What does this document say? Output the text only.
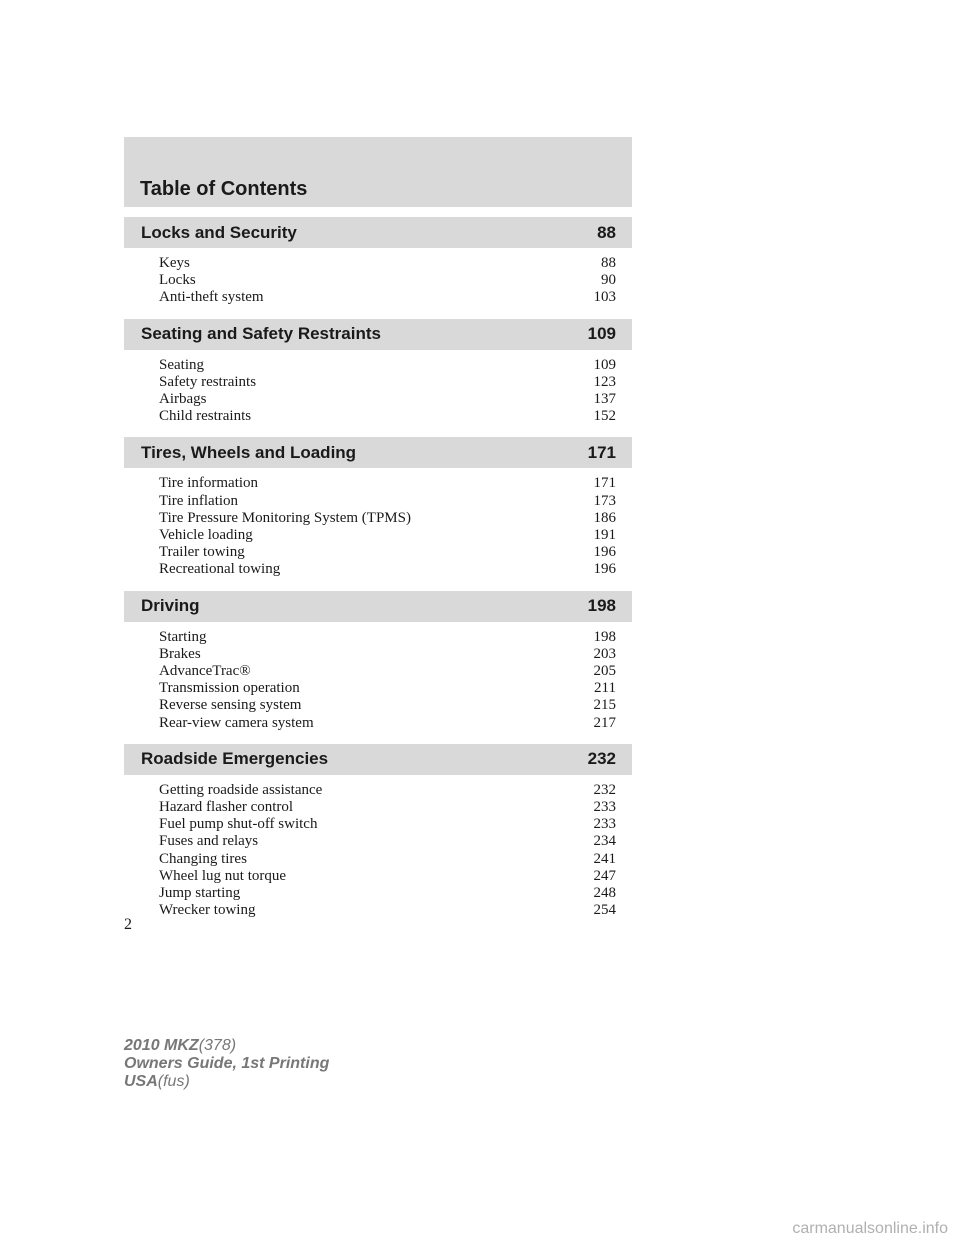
Table of Contents
Locks and Security	88
Keys	88
Locks	90
Anti-theft system	103
Seating and Safety Restraints	109
Seating	109
Safety restraints	123
Airbags	137
Child restraints	152
Tires, Wheels and Loading	171
Tire information	171
Tire inflation	173
Tire Pressure Monitoring System (TPMS)	186
Vehicle loading	191
Trailer towing	196
Recreational towing	196
Driving	198
Starting	198
Brakes	203
AdvanceTrac®	205
Transmission operation	211
Reverse sensing system	215
Rear-view camera system	217
Roadside Emergencies	232
Getting roadside assistance	232
Hazard flasher control	233
Fuel pump shut-off switch	233
Fuses and relays	234
Changing tires	241
Wheel lug nut torque	247
Jump starting	248
Wrecker towing	254
2
2010 MKZ(378)
Owners Guide, 1st Printing
USA(fus)
carmanualsonline.info
